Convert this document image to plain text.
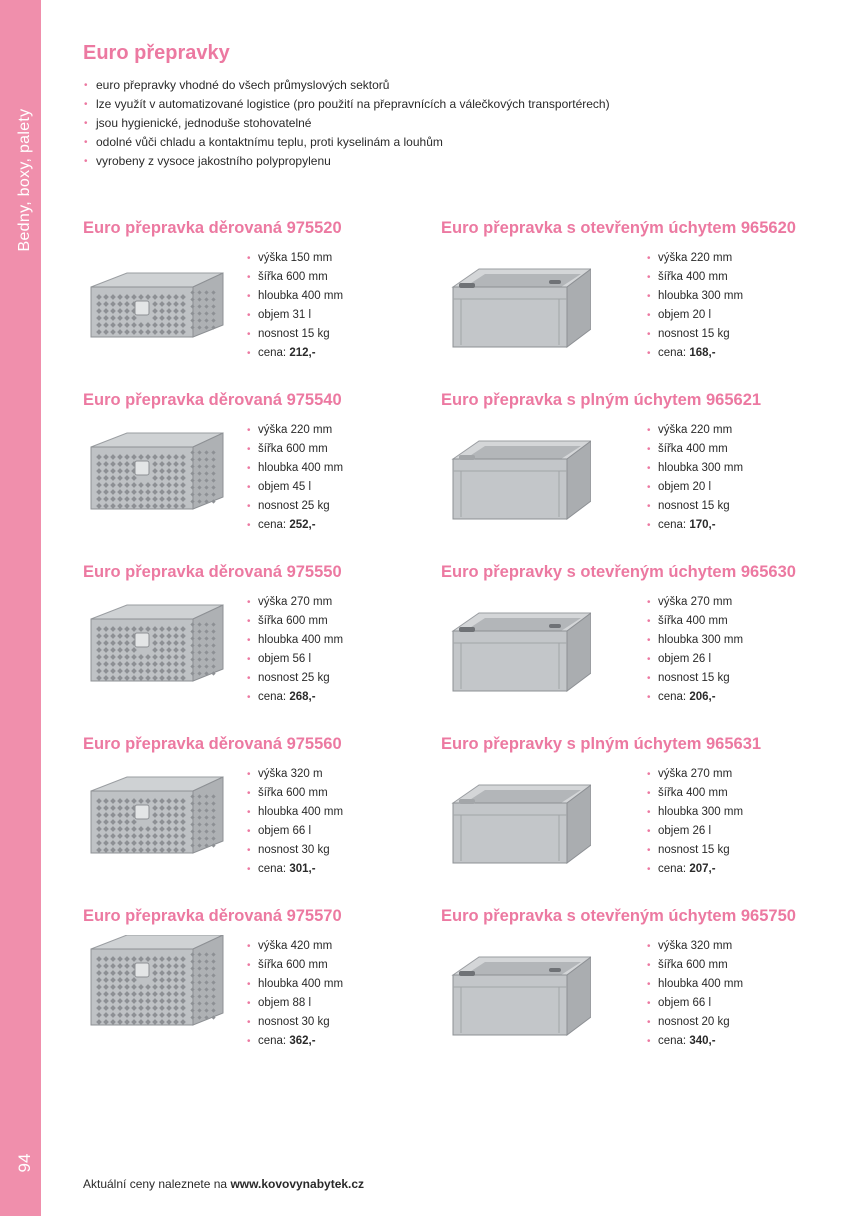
Bedny, boxy, palety
94
Euro přepravky
• euro přepravky vhodné do všech průmyslových sektorů
• lze využít v automatizované logistice (pro použití na přepravnících a válečkových transportérech)
• jsou hygienické, jednoduše stohovatelné
• odolné vůči chladu a kontaktnímu teplu, proti kyselinám a louhům
• vyrobeny z vysoce jakostního polypropylenu
Euro přepravka děrovaná 975520
• výška 150 mm
• šířka 600 mm
• hloubka 400 mm
• objem 31 l
• nosnost 15 kg
• cena: 212,-
Euro přepravka s otevřeným úchytem 965620
• výška 220 mm
• šířka 400 mm
• hloubka 300 mm
• objem 20 l
• nosnost 15 kg
• cena: 168,-
Euro přepravka děrovaná 975540
• výška 220 mm
• šířka 600 mm
• hloubka 400 mm
• objem 45 l
• nosnost 25 kg
• cena: 252,-
Euro přepravka s plným úchytem 965621
• výška 220 mm
• šířka 400 mm
• hloubka 300 mm
• objem 20 l
• nosnost 15 kg
• cena: 170,-
Euro přepravka děrovaná 975550
• výška 270 mm
• šířka 600 mm
• hloubka 400 mm
• objem 56 l
• nosnost 25 kg
• cena: 268,-
Euro přepravky s otevřeným úchytem 965630
• výška 270 mm
• šířka 400 mm
• hloubka 300 mm
• objem 26 l
• nosnost 15 kg
• cena: 206,-
Euro přepravka děrovaná 975560
• výška 320 m
• šířka 600 mm
• hloubka 400 mm
• objem 66 l
• nosnost 30 kg
• cena: 301,-
Euro přepravky s plným úchytem 965631
• výška 270 mm
• šířka 400 mm
• hloubka 300 mm
• objem 26 l
• nosnost 15 kg
• cena: 207,-
Euro přepravka děrovaná 975570
• výška 420 mm
• šířka 600 mm
• hloubka 400 mm
• objem 88 l
• nosnost 30 kg
• cena: 362,-
Euro přepravka s otevřeným úchytem 965750
• výška 320 mm
• šířka 600 mm
• hloubka 400 mm
• objem 66 l
• nosnost 20 kg
• cena: 340,-
Aktuální ceny naleznete na www.kovovynabytek.cz
